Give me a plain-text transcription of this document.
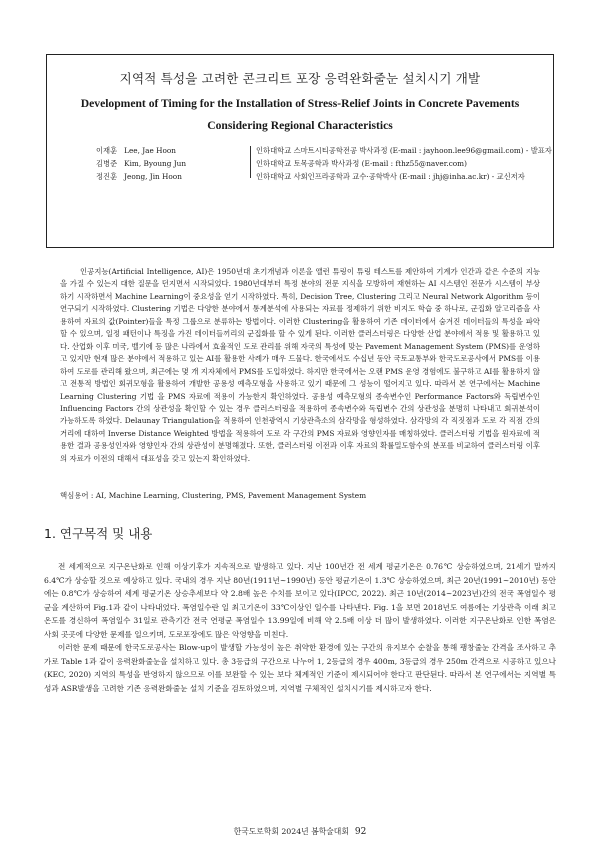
지역적 특성을 고려한 콘크리트 포장 응력완화줄눈 설치시기 개발
Development of Timing for the Installation of Stress-Relief Joints in Concrete Pavements Considering Regional Characteristics
이재훈 Lee, Jae Hoon	인하대학교 스마트시티공학전공 박사과정 (E-mail : jayhoon.lee96@gmail.com) - 발표자
김병준 Kim, Byoung Jun	인하대학교 토목공학과 박사과정 (E-mail : fthz55@naver.com)
정진훈 Jeong, Jin Hoon	인하대학교 사회인프라공학과 교수·공학박사 (E-mail : jhj@inha.ac.kr) - 교신저자

인공지능(Artificial Intelligence, AI)은 1950년대 초기개념과 이론을 앨런 튜링이 튜링 테스트를 제안하여 기계가 인간과 같은 수준의 지능을 가질 수 있는지 대한 질문을 던지면서 시작되었다. 1980년대부터 특정 분야의 전문 지식을 모방하여 재현하는 AI 시스템인 전문가 시스템이 부상하기 시작하면서 Machine Learning이 중요성을 얻기 시작하였다. 특히, Decision Tree, Clustering 그리고 Neural Network Algorithm 등이 연구되기 시작하였다. Clustering 기법은 다양한 분야에서 통계분석에 사용되는 자료를 정제하기 위한 비지도 학습 중 하나로, 군집화 알고리즘을 사용하여 자료의 값(Pointer)들을 특정 그룹으로 분류하는 방법이다. 이러한 Clustering을 활용하여 기존 데이터에서 숨겨진 데이터들의 특성을 파악할 수 있으며, 일정 패턴이나 특징을 가진 데이터들끼리의 군집화를 할 수 있게 된다. 이러한 클러스터링은 다양한 산업 분야에서 적용 및 활용하고 있다. 산업화 이후 미국, 벨기에 등 많은 나라에서 효율적인 도로 관리를 위해 자국의 특성에 맞는 Pavement Management System (PMS)를 운영하고 있지만 현재 많은 분야에서 적용하고 있는 AI를 활용한 사례가 매우 드물다. 한국에서도 수십년 동안 국토교통부와 한국도로공사에서 PMS를 이용하여 도로를 관리해 왔으며, 최근에는 몇 개 지자체에서 PMS를 도입하였다. 하지만 한국에서는 오랜 PMS 운영 경험에도 불구하고 AI를 활용하지 않고 전통적 방법인 회귀모형을 활용하여 개발한 공용성 예측모형을 사용하고 있기 때문에 그 성능이 떨어지고 있다. 따라서 본 연구에서는 Machine Learning Clustering 기법 을 PMS 자료에 적용이 가능한지 확인하였다. 공용성 예측모형의 종속변수인 Performance Factors와 독립변수인 Influencing Factors 간의 상관성을 확인할 수 있는 경우 클러스터링을 적용하여 종속변수와 독립변수 간의 상관성을 분명히 나타내고 회귀분석이 가능하도록 하였다. Delaunay Triangulation을 적용하여 인천광역시 기상관측소의 삼각망을 형성하였다. 삼각망의 각 직짓점과 도로 각 직점 간의 거리에 대하여 Inverse Distance Weighted 방법을 적용하여 도로 각 구간의 PMS 자료와 영향인자를 매칭하였다. 클러스터링 기법을 원자료에 적용한 결과 공용성인자와 영향인자 간의 상관성이 분명해졌다. 또한, 클러스터링 이전과 이후 자료의 확률밀도함수의 분포를 비교하여 클러스터링 이후의 자료가 이전의 대해서 대표성을 갖고 있는지 확인하였다.

핵심용어 : AI, Machine Learning, Clustering, PMS, Pavement Management System
1. 연구목적 및 내용

전 세계적으로 지구온난화로 인해 이상기후가 지속적으로 발생하고 있다. 지난 100년간 전 세계 평균기온은 0.76℃ 상승하였으며, 21세기 말까지 6.4℃가 상승할 것으로 예상하고 있다. 국내의 경우 지난 80년(1911년~1990년) 동안 평균기온이 1.3℃ 상승하였으며, 최근 20년(1991~2010년) 동안에는 0.8℃가 상승하여 세계 평균기온 상승추세보다 약 2.8배 높은 수치를 보이고 있다(IPCC, 2022). 최근 10년(2014~2023년)간의 전국 폭염일수 평균을 계산하여 Fig.1과 같이 나타내었다. 폭염일수란 일 최고기온이 33℃이상인 일수를 나타낸다. Fig. 1을 보면 2018년도 여름에는 기상관측 이래 최고온도를 경신하여 폭염일수 31일로 관측기간 전국 연평균 폭염일수 13.99일에 비해 약 2.5배 이상 더 많이 발생하였다. 이러한 지구온난화로 인한 폭염은 사회 곳곳에 다양한 문제를 일으키며, 도로포장에도 많은 악영향을 미친다.

이러한 문제 때문에 한국도로공사는 Blow-up이 발생할 가능성이 높은 취약한 환경에 있는 구간의 유지보수 순찰을 통해 팽창줄눈 간격을 조사하고 추가로 Table 1과 같이 응력완화줄눈을 설치하고 있다. 총 3등급의 구간으로 나누어 1, 2등급의 경우 400m, 3등급의 경우 250m 간격으로 시공하고 있으나(KEC, 2020) 지역의 특성을 반영하지 않으므로 이를 보완할 수 있는 보다 체계적인 기준이 제시되어야 한다고 판단된다. 따라서 본 연구에서는 지역별 특성과 ASR발생을 고려한 기존 응력완화줄눈 설치 기준을 검토하였으며, 지역별 구체적인 설치시기를 제시하고자 한다.

한국도로학회 2024년 봄학술대회 92
